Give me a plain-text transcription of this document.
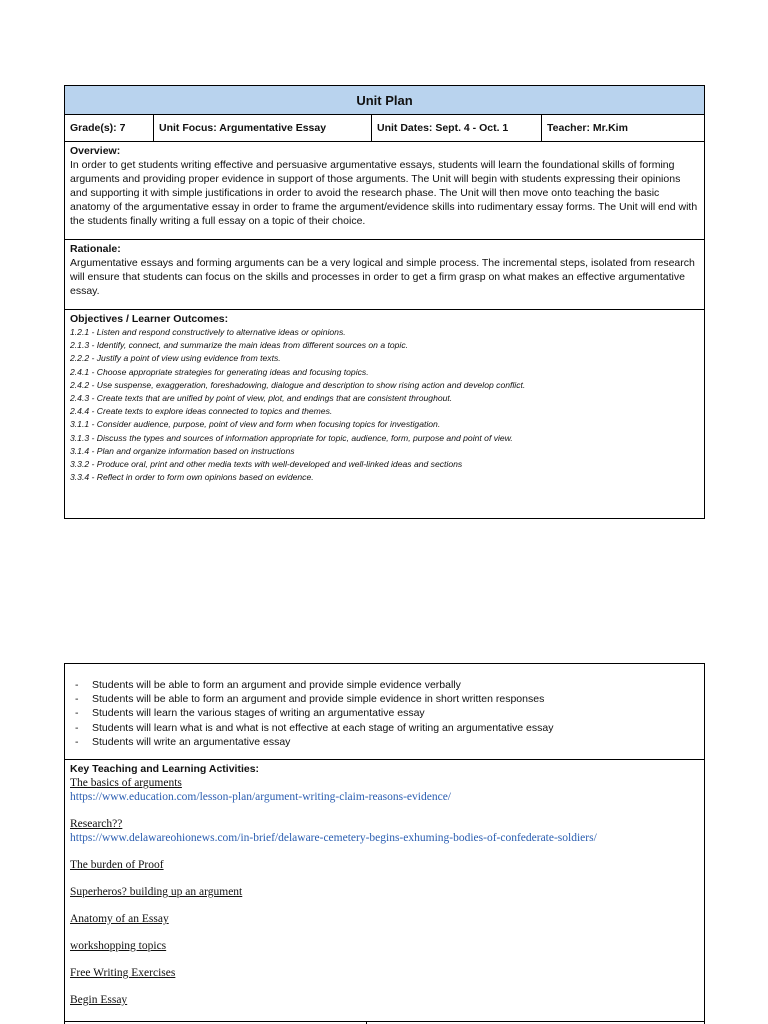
Unit Plan
Grade(s): 7	Unit Focus: Argumentative Essay	Unit Dates: Sept. 4 - Oct. 1	Teacher: Mr.Kim
Overview:
In order to get students writing effective and persuasive argumentative essays, students will learn the foundational skills of forming arguments and providing proper evidence in support of those arguments. The Unit will begin with students expressing their opinions and supporting it with simple justifications in order to avoid the research phase. The Unit will then move onto teaching the basic anatomy of the argumentative essay in order to frame the argument/evidence skills into rudimentary essay forms. The Unit will end with the students finally writing a full essay on a topic of their choice.
Rationale:
Argumentative essays and forming arguments can be a very logical and simple process. The incremental steps, isolated from research will ensure that students can focus on the skills and processes in order to get a firm grasp on what makes an effective argumentative essay.
Objectives / Learner Outcomes:
1.2.1 - Listen and respond constructively to alternative ideas or opinions.
2.1.3 - Identify, connect, and summarize the main ideas from different sources on a topic.
2.2.2 - Justify a point of view using evidence from texts.
2.4.1 - Choose appropriate strategies for generating ideas and focusing topics.
2.4.2 - Use suspense, exaggeration, foreshadowing, dialogue and description to show rising action and develop conflict.
2.4.3 - Create texts that are unified by point of view, plot, and endings that are consistent throughout.
2.4.4 - Create texts to explore ideas connected to topics and themes.
3.1.1 - Consider audience, purpose, point of view and form when focusing topics for investigation.
3.1.3 - Discuss the types and sources of information appropriate for topic, audience, form, purpose and point of view.
3.1.4 - Plan and organize information based on instructions
3.3.2 - Produce oral, print and other media texts with well-developed and well-linked ideas and sections
3.3.4 - Reflect in order to form own opinions based on evidence.
- Students will be able to form an argument and provide simple evidence verbally
- Students will be able to form an argument and provide simple evidence in short written responses
- Students will learn the various stages of writing an argumentative essay
- Students will learn what is and what is not effective at each stage of writing an argumentative essay
- Students will write an argumentative essay
Key Teaching and Learning Activities:
The basics of arguments
https://www.education.com/lesson-plan/argument-writing-claim-reasons-evidence/
Research??
https://www.delawareohionews.com/in-brief/delaware-cemetery-begins-exhuming-bodies-of-confederate-soldiers/
The burden of Proof
Superheros? building up an argument
Anatomy of an Essay
workshopping topics
Free Writing Exercises
Begin Essay
